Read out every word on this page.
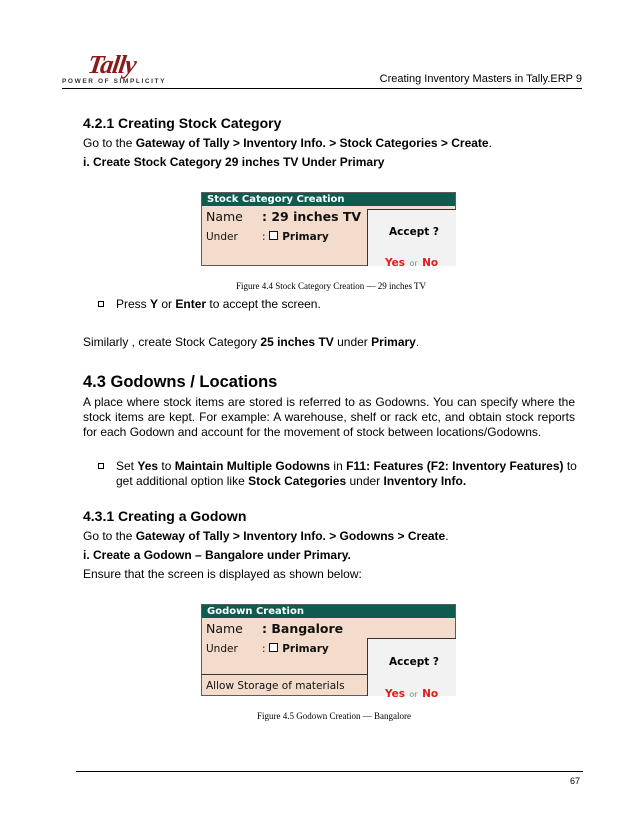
Tally
POWER OF SIMPLICITY	Creating Inventory Masters in Tally.ERP 9
4.2.1 Creating Stock Category
Go to the Gateway of Tally > Inventory Info. > Stock Categories > Create.
i. Create Stock Category 29 inches TV Under Primary
Stock Category Creation
Name : 29 inches TV
Under : Primary	Accept ?
Yes or No
Figure 4.4 Stock Category Creation — 29 inches TV
Press Y or Enter to accept the screen.
Similarly , create Stock Category 25 inches TV under Primary.
4.3 Godowns / Locations
A place where stock items are stored is referred to as Godowns. You can specify where the stock items are kept. For example: A warehouse, shelf or rack etc, and obtain stock reports for each Godown and account for the movement of stock between locations/Godowns.
Set Yes to Maintain Multiple Godowns in F11: Features (F2: Inventory Features) to get additional option like Stock Categories under Inventory Info.
4.3.1 Creating a Godown
Go to the Gateway of Tally > Inventory Info. > Godowns > Create.
i. Create a Godown – Bangalore under Primary.
Ensure that the screen is displayed as shown below:
Godown Creation
Name : Bangalore
Under : Primary
Allow Storage of materials
Accept ?
Yes or No
Figure 4.5 Godown Creation — Bangalore
67
